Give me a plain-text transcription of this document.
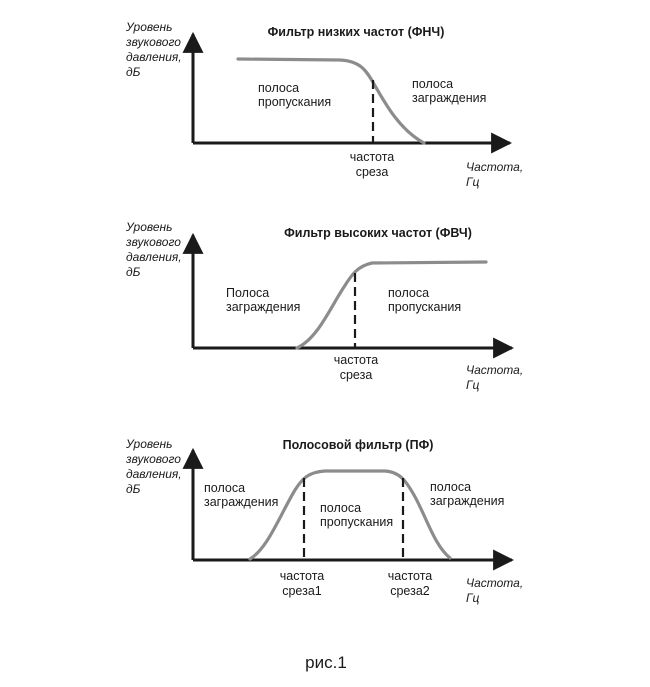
Фильтр низких частот (ФНЧ)
Уровень
звукового
давления,
дБ
полоса
пропускания
полоса
заграждения
частота
среза	Частота,
Гц
Фильтр высоких частот (ФВЧ)
Уровень
звукового
давления,
дБ
Полоса
заграждения
полоса
пропускания
частота
среза	Частота,
Гц
Полосовой фильтр (ПФ)
Уровень
звукового
давления,
дБ	полоса
заграждения	полоса
пропускания
полоса
заграждения
частота
среза1
частота
среза2
Частота,
Гц
рис.1
